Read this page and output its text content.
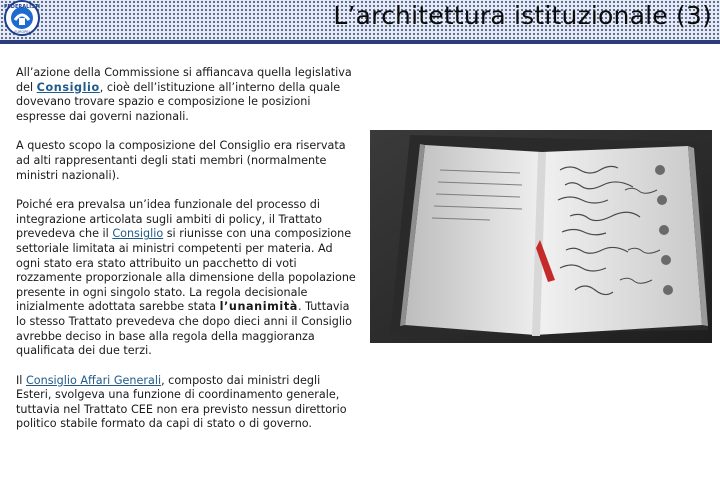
FEDERALISTI
EUROPEI
L’architettura istituzionale (3)

All’azione della Commissione si affiancava quella legislativa del Consiglio, cioè dell’istituzione all’interno della quale dovevano trovare spazio e composizione le posizioni espresse dai governi nazionali.

A questo scopo la composizione del Consiglio era riservata ad alti rappresentanti degli stati membri (normalmente ministri nazionali).

Poiché era prevalsa un’idea funzionale del processo di integrazione articolata sugli ambiti di policy, il Trattato prevedeva che il Consiglio si riunisse con una composizione settoriale limitata ai ministri competenti per materia. Ad ogni stato era stato attribuito un pacchetto di voti rozzamente proporzionale alla dimensione della popolazione presente in ogni singolo stato. La regola decisionale inizialmente adottata sarebbe stata l’unanimità. Tuttavia lo stesso Trattato prevedeva che dopo dieci anni il Consiglio avrebbe deciso in base alla regola della maggioranza qualificata dei due terzi.

Il Consiglio Affari Generali, composto dai ministri degli Esteri, svolgeva una funzione di coordinamento generale, tuttavia nel Trattato CEE non era previsto nessun direttorio politico stabile formato da capi di stato o di governo.
